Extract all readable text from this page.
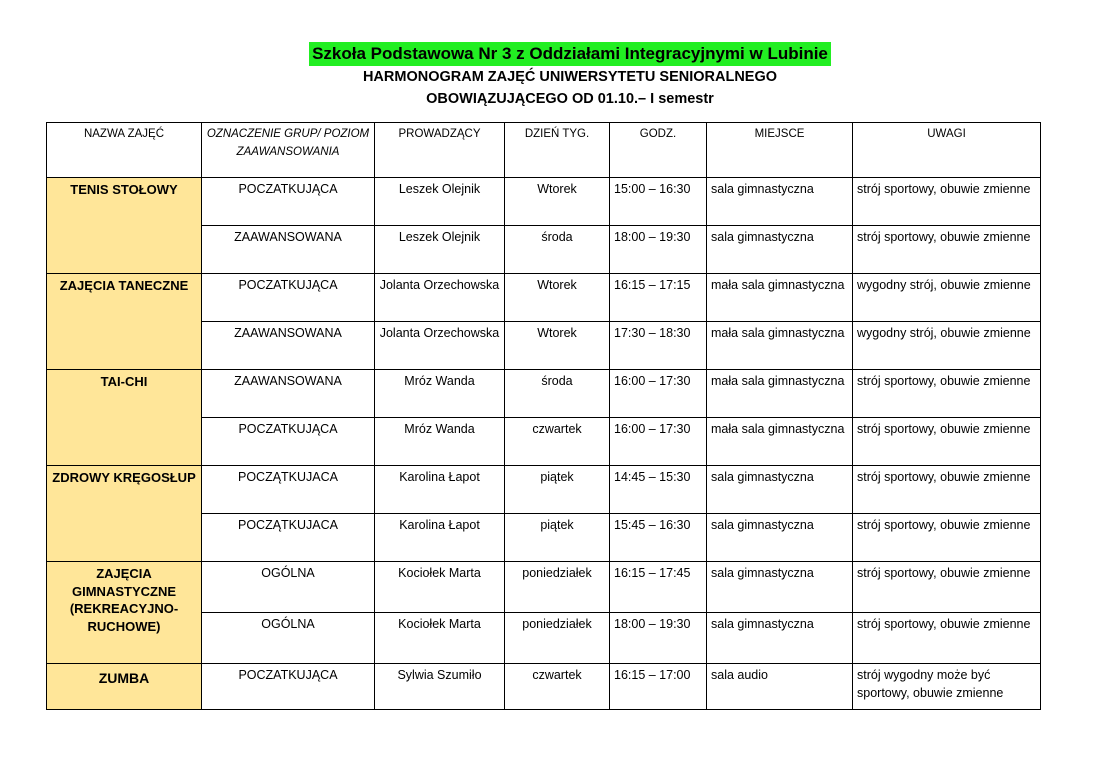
Szkoła Podstawowa Nr 3 z Oddziałami Integracyjnymi w Lubinie
HARMONOGRAM ZAJĘĆ UNIWERSYTETU SENIORALNEGO
OBOWIĄZUJĄCEGO OD 01.10.– I semestr
NAZWA ZAJĘĆ	OZNACZENIE GRUP/ POZIOM ZAAWANSOWANIA	PROWADZĄCY	DZIEŃ TYG.	GODZ.	MIEJSCE	UWAGI
TENIS STOŁOWY	POCZATKUJĄCA	Leszek Olejnik	Wtorek	15:00 – 16:30	sala gimnastyczna	strój sportowy, obuwie zmienne
	ZAAWANSOWANA	Leszek Olejnik	środa	18:00 – 19:30	sala gimnastyczna	strój sportowy, obuwie zmienne
ZAJĘCIA TANECZNE	POCZATKUJĄCA	Jolanta Orzechowska	Wtorek	16:15 – 17:15	mała sala gimnastyczna	wygodny strój, obuwie zmienne
	ZAAWANSOWANA	Jolanta Orzechowska	Wtorek	17:30 – 18:30	mała sala gimnastyczna	wygodny strój, obuwie zmienne
TAI-CHI	ZAAWANSOWANA	Mróz Wanda	środa	16:00 – 17:30	mała sala gimnastyczna	strój sportowy, obuwie zmienne
	POCZATKUJĄCA	Mróz Wanda	czwartek	16:00 – 17:30	mała sala gimnastyczna	strój sportowy, obuwie zmienne
ZDROWY KRĘGOSŁUP	POCZĄTKUJACA	Karolina Łapot	piątek	14:45 – 15:30	sala gimnastyczna	strój sportowy, obuwie zmienne
	POCZĄTKUJACA	Karolina Łapot	piątek	15:45 – 16:30	sala gimnastyczna	strój sportowy, obuwie zmienne
ZAJĘCIA GIMNASTYCZNE (REKREACYJNO-RUCHOWE)	OGÓLNA	Kociołek Marta	poniedziałek	16:15 – 17:45	sala gimnastyczna	strój sportowy, obuwie zmienne
	OGÓLNA	Kociołek Marta	poniedziałek	18:00 – 19:30	sala gimnastyczna	strój sportowy, obuwie zmienne
ZUMBA	POCZATKUJĄCA	Sylwia Szumiło	czwartek	16:15 – 17:00	sala audio	strój wygodny może być sportowy, obuwie zmienne
